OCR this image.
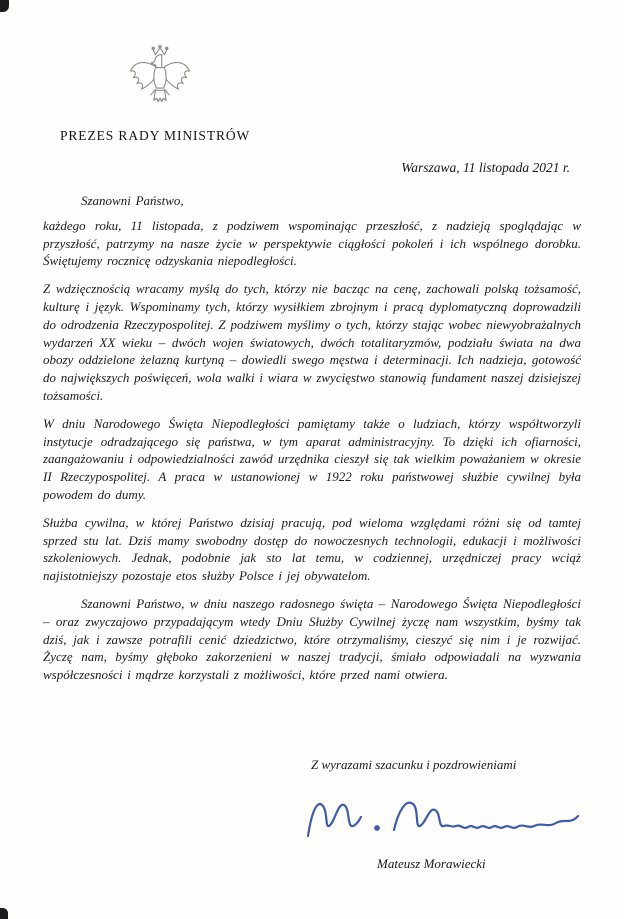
PREZES RADY MINISTRÓW
Warszawa, 11 listopada 2021 r.

Szanowni Państwo,

każdego roku, 11 listopada, z podziwem wspominając przeszłość, z nadzieją spoglądając w przyszłość, patrzymy na nasze życie w perspektywie ciągłości pokoleń i ich wspólnego dorobku. Świętujemy rocznicę odzyskania niepodległości.

Z wdzięcznością wracamy myślą do tych, którzy nie bacząc na cenę, zachowali polską tożsamość, kulturę i język. Wspominamy tych, którzy wysiłkiem zbrojnym i pracą dyplomatyczną doprowadzili do odrodzenia Rzeczypospolitej. Z podziwem myślimy o tych, którzy stając wobec niewyobrażalnych wydarzeń XX wieku – dwóch wojen światowych, dwóch totalitaryzmów, podziału świata na dwa obozy oddzielone żelazną kurtyną – dowiedli swego męstwa i determinacji. Ich nadzieja, gotowość do największych poświęceń, wola walki i wiara w zwycięstwo stanowią fundament naszej dzisiejszej tożsamości.

W dniu Narodowego Święta Niepodległości pamiętamy także o ludziach, którzy współtworzyli instytucje odradzającego się państwa, w tym aparat administracyjny. To dzięki ich ofiarności, zaangażowaniu i odpowiedzialności zawód urzędnika cieszył się tak wielkim poważaniem w okresie II Rzeczypospolitej. A praca w ustanowionej w 1922 roku państwowej służbie cywilnej była powodem do dumy.

Służba cywilna, w której Państwo dzisiaj pracują, pod wieloma względami różni się od tamtej sprzed stu lat. Dziś mamy swobodny dostęp do nowoczesnych technologii, edukacji i możliwości szkoleniowych. Jednak, podobnie jak sto lat temu, w codziennej, urzędniczej pracy wciąż najistotniejszy pozostaje etos służby Polsce i jej obywatelom.

Szanowni Państwo, w dniu naszego radosnego święta – Narodowego Święta Niepodległości – oraz zwyczajowo przypadającym wtedy Dniu Służby Cywilnej życzę nam wszystkim, byśmy tak dziś, jak i zawsze potrafili cenić dziedzictwo, które otrzymaliśmy, cieszyć się nim i je rozwijać. Życzę nam, byśmy głęboko zakorzenieni w naszej tradycji, śmiało odpowiadali na wyzwania współczesności i mądrze korzystali z możliwości, które przed nami otwiera.

Z wyrazami szacunku i pozdrowieniami
Mateusz Morawiecki
